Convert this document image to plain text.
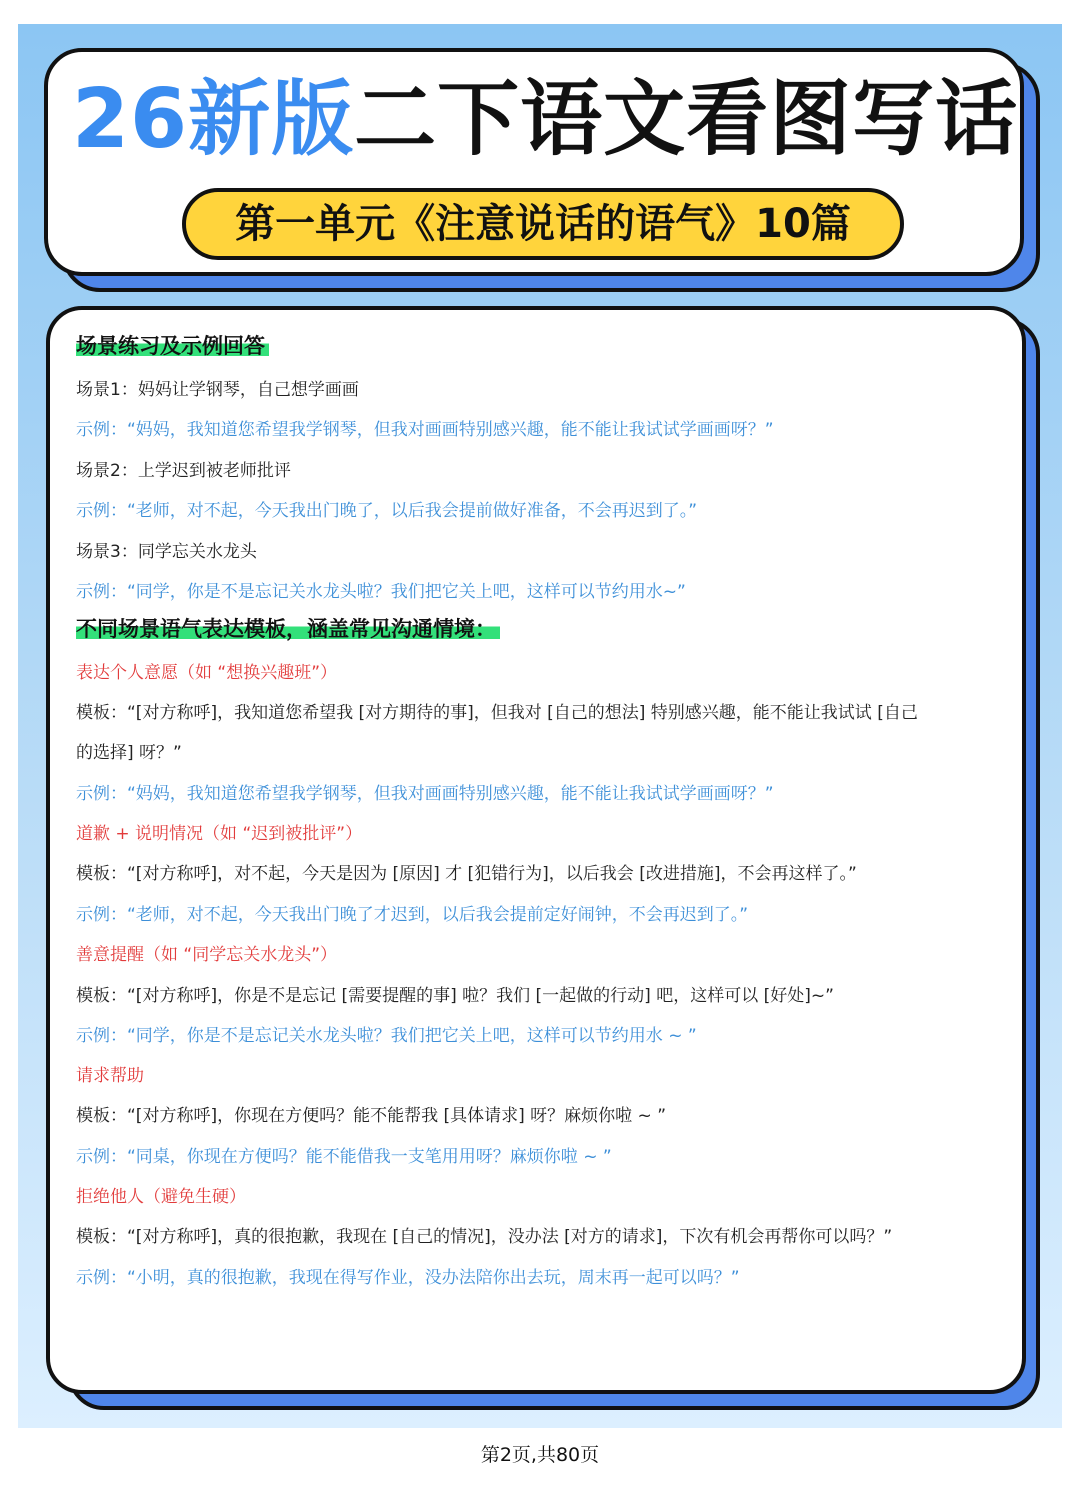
26新版二下语文看图写话
第一单元《注意说话的语气》10篇
场景练习及示例回答
场景1：妈妈让学钢琴，自己想学画画
示例：“妈妈，我知道您希望我学钢琴，但我对画画特别感兴趣，能不能让我试试学画画呀？”
场景2：上学迟到被老师批评
示例：“老师，对不起，今天我出门晚了，以后我会提前做好准备，不会再迟到了。”
场景3：同学忘关水龙头
示例：“同学，你是不是忘记关水龙头啦？我们把它关上吧，这样可以节约用水~”
不同场景语气表达模板，涵盖常见沟通情境：
表达个人意愿（如 “想换兴趣班”）
模板：“[对方称呼]，我知道您希望我 [对方期待的事]，但我对 [自己的想法] 特别感兴趣，能不能让我试试 [自己
的选择] 呀？”
示例：“妈妈，我知道您希望我学钢琴，但我对画画特别感兴趣，能不能让我试试学画画呀？”
道歉 + 说明情况（如 “迟到被批评”）
模板：“[对方称呼]，对不起，今天是因为 [原因] 才 [犯错行为]，以后我会 [改进措施]，不会再这样了。”
示例：“老师，对不起，今天我出门晚了才迟到，以后我会提前定好闹钟，不会再迟到了。”
善意提醒（如 “同学忘关水龙头”）
模板：“[对方称呼]，你是不是忘记 [需要提醒的事] 啦？我们 [一起做的行动] 吧，这样可以 [好处]~”
示例：“同学，你是不是忘记关水龙头啦？我们把它关上吧，这样可以节约用水 ~ ”
请求帮助
模板：“[对方称呼]，你现在方便吗？能不能帮我 [具体请求] 呀？麻烦你啦 ~ ”
示例：“同桌，你现在方便吗？能不能借我一支笔用用呀？麻烦你啦 ~ ”
拒绝他人（避免生硬）
模板：“[对方称呼]，真的很抱歉，我现在 [自己的情况]，没办法 [对方的请求]，下次有机会再帮你可以吗？”
示例：“小明，真的很抱歉，我现在得写作业，没办法陪你出去玩，周末再一起可以吗？”
第2页,共80页
